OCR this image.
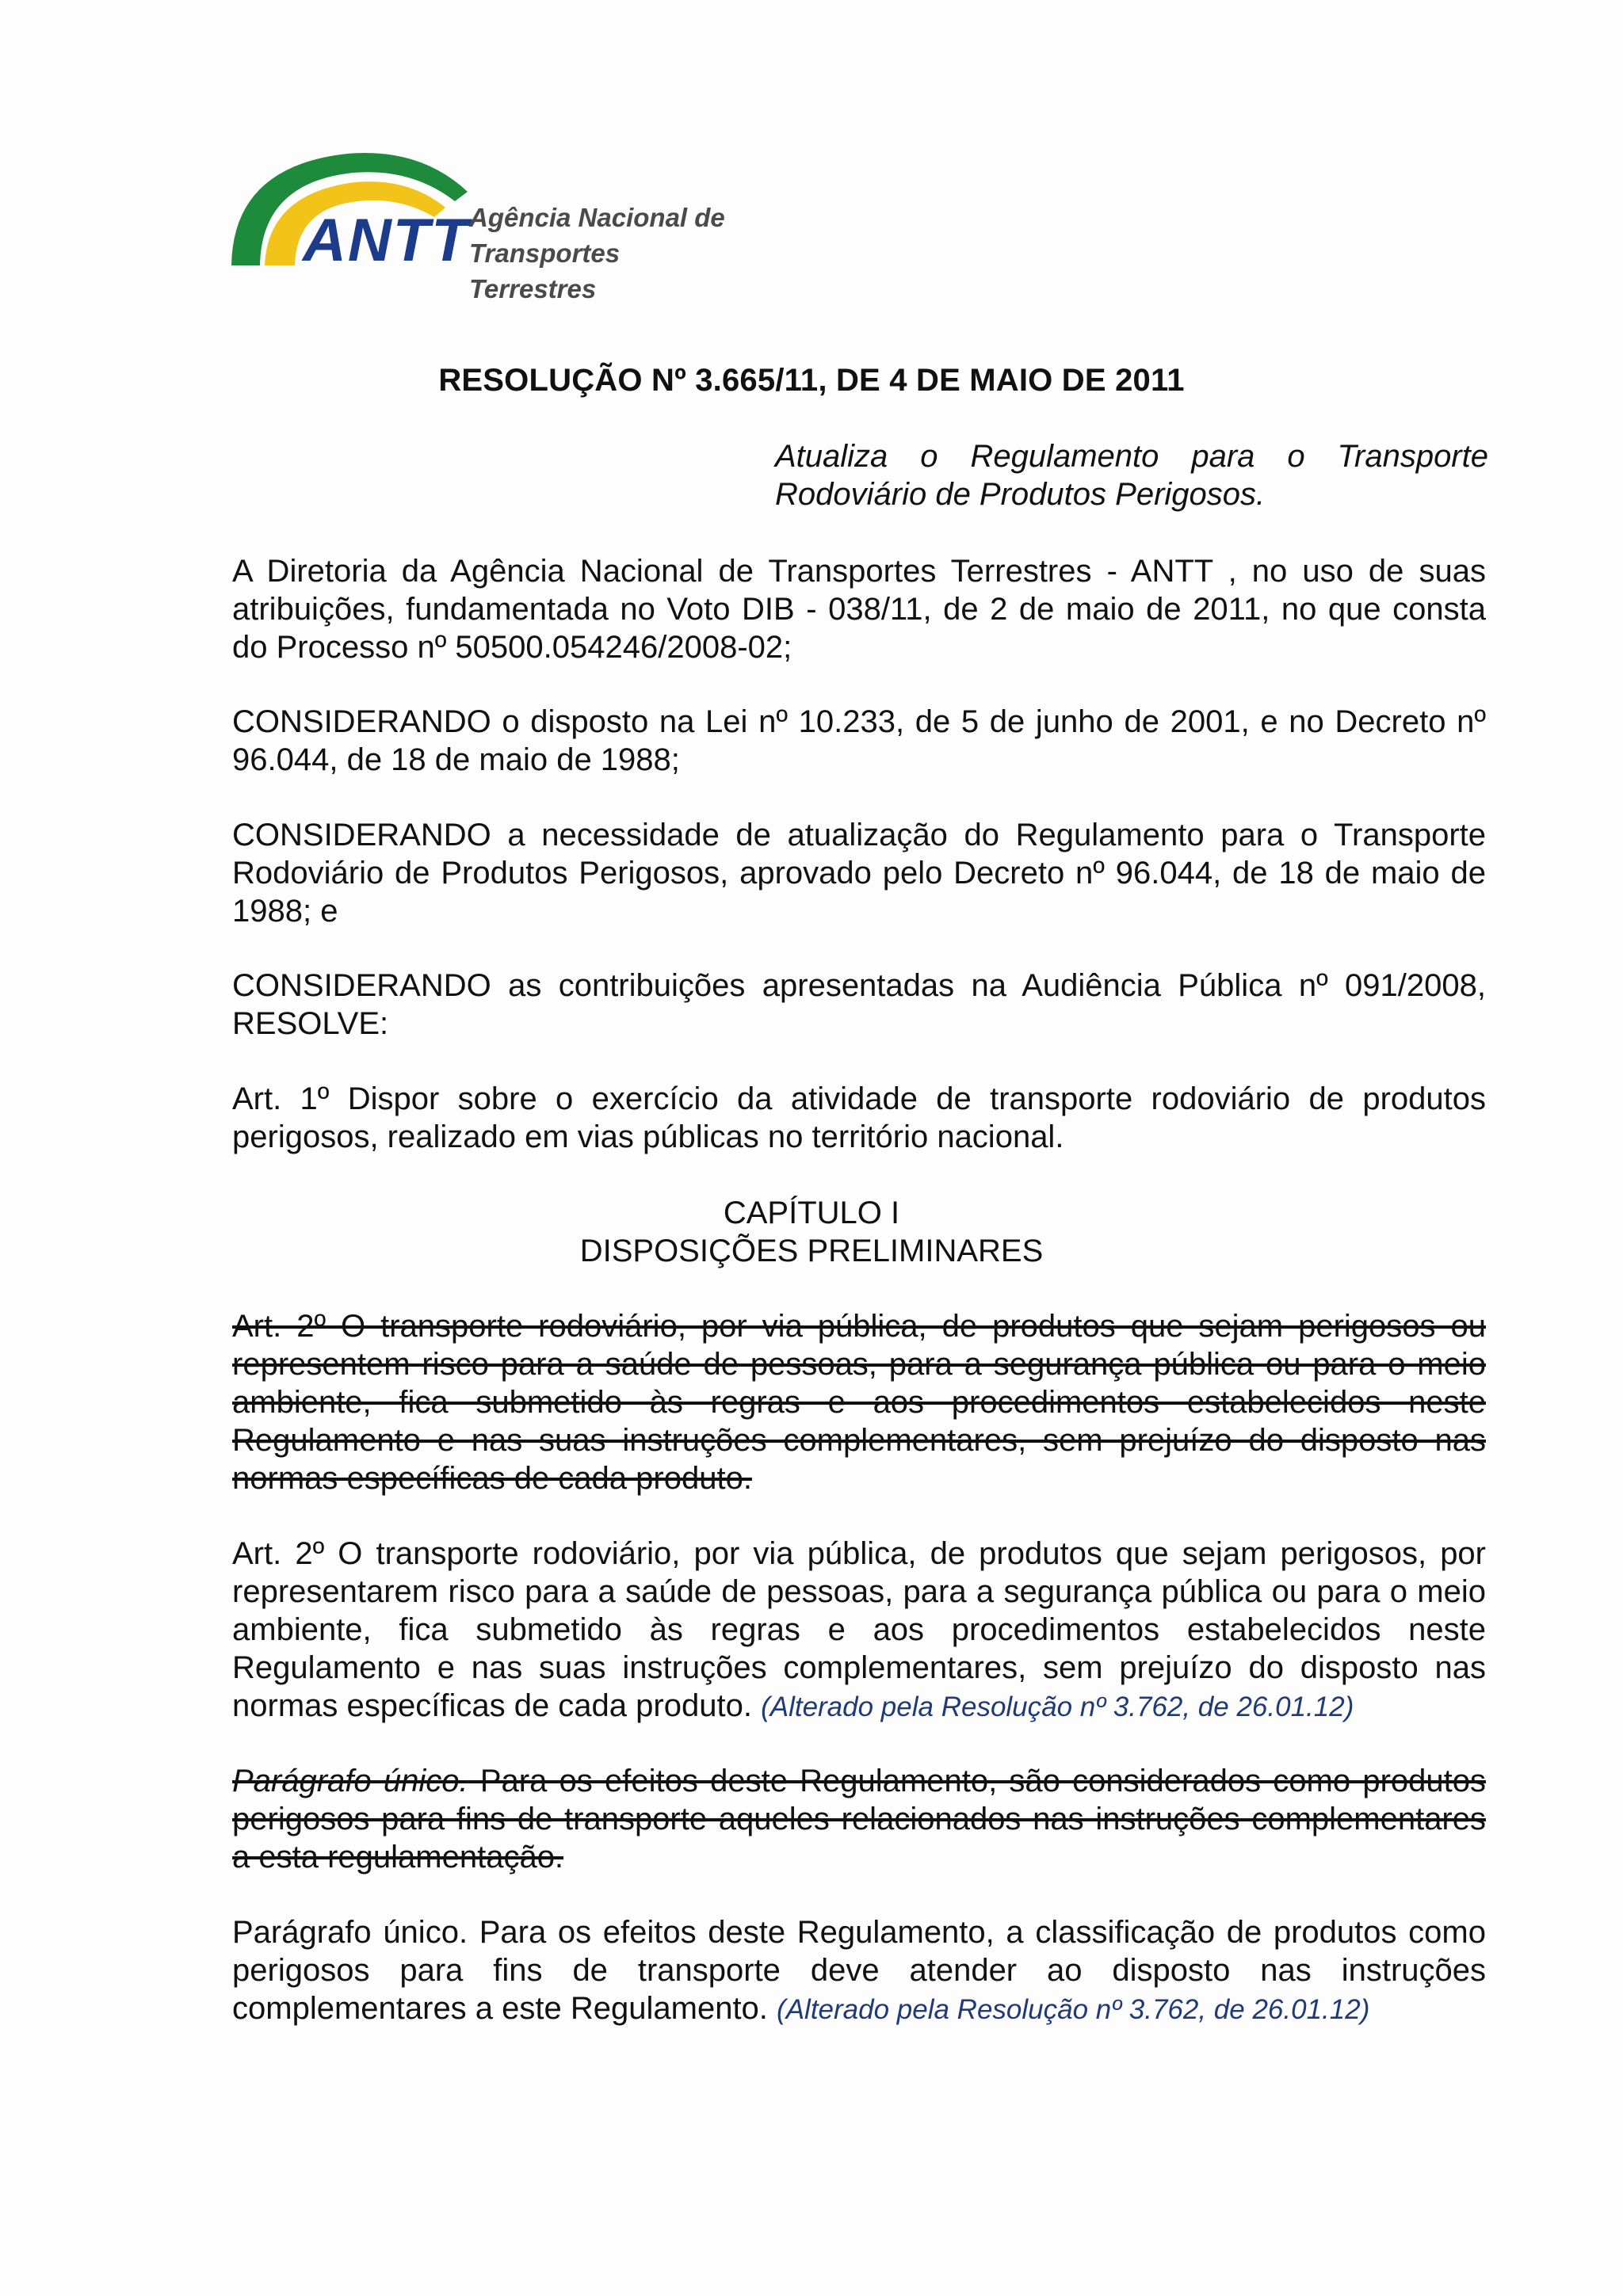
ANTT Agência Nacional de
Transportes Terrestres
RESOLUÇÃO Nº 3.665/11, DE 4 DE MAIO DE 2011
Atualiza o Regulamento para o Transporte
Rodoviário de Produtos Perigosos.

A Diretoria da Agência Nacional de Transportes Terrestres - ANTT , no uso de suas atribuições, fundamentada no Voto DIB - 038/11, de 2 de maio de 2011, no que consta do Processo nº 50500.054246/2008-02;

CONSIDERANDO o disposto na Lei nº 10.233, de 5 de junho de 2001, e no Decreto nº 96.044, de 18 de maio de 1988;

CONSIDERANDO a necessidade de atualização do Regulamento para o Transporte Rodoviário de Produtos Perigosos, aprovado pelo Decreto nº 96.044, de 18 de maio de 1988; e

CONSIDERANDO as contribuições apresentadas na Audiência Pública nº 091/2008, RESOLVE:

Art. 1º Dispor sobre o exercício da atividade de transporte rodoviário de produtos perigosos, realizado em vias públicas no território nacional.

CAPÍTULO I
DISPOSIÇÕES PRELIMINARES

Art. 2º O transporte rodoviário, por via pública, de produtos que sejam perigosos ou representem risco para a saúde de pessoas, para a segurança pública ou para o meio ambiente, fica submetido às regras e aos procedimentos estabelecidos neste Regulamento e nas suas instruções complementares, sem prejuízo do disposto nas normas específicas de cada produto.

Art. 2º O transporte rodoviário, por via pública, de produtos que sejam perigosos, por representarem risco para a saúde de pessoas, para a segurança pública ou para o meio ambiente, fica submetido às regras e aos procedimentos estabelecidos neste Regulamento e nas suas instruções complementares, sem prejuízo do disposto nas normas específicas de cada produto. (Alterado pela Resolução nº 3.762, de 26.01.12)

Parágrafo único. Para os efeitos deste Regulamento, são considerados como produtos perigosos para fins de transporte aqueles relacionados nas instruções complementares a esta regulamentação.

Parágrafo único. Para os efeitos deste Regulamento, a classificação de produtos como perigosos para fins de transporte deve atender ao disposto nas instruções complementares a este Regulamento. (Alterado pela Resolução nº 3.762, de 26.01.12)
